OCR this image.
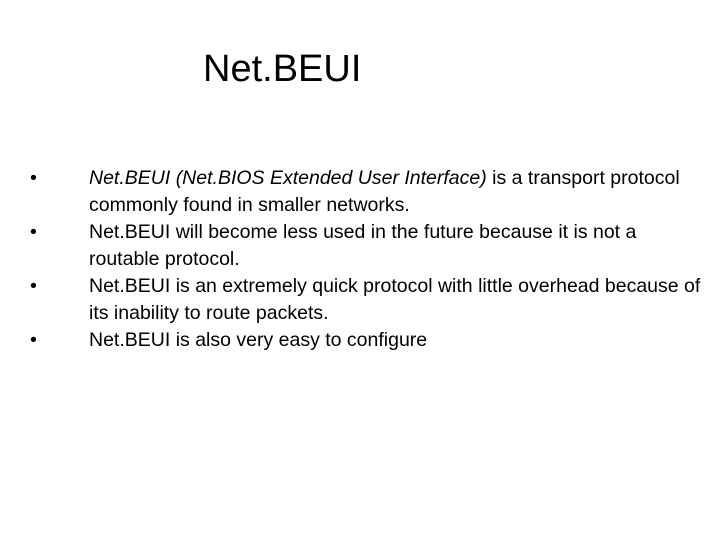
Net.BEUI
•	Net.BEUI (Net.BIOS Extended User Interface) is a transport protocol commonly found in smaller networks.
•	Net.BEUI will become less used in the future because it is not a routable protocol.
•	Net.BEUI is an extremely quick protocol with little overhead because of its inability to route packets.
•	Net.BEUI is also very easy to configure
